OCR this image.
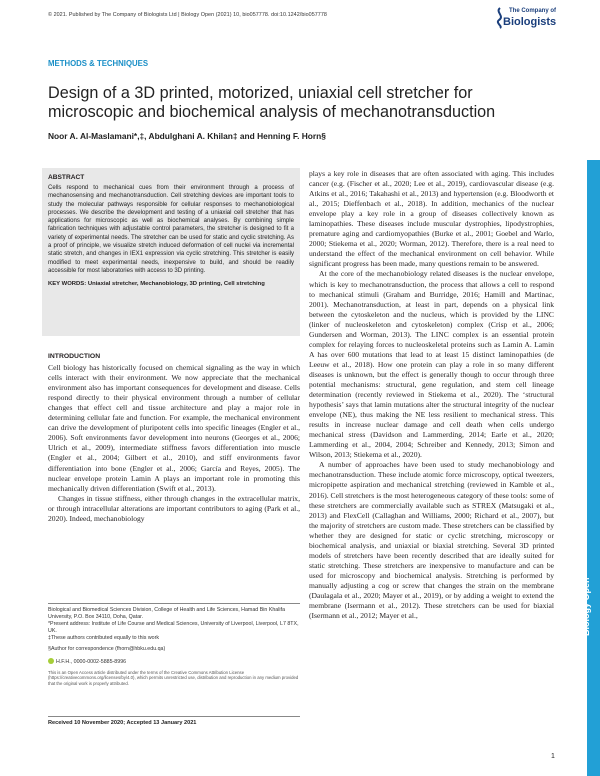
© 2021. Published by The Company of Biologists Ltd | Biology Open (2021) 10, bio057778. doi:10.1242/bio057778
The Company of
Biologists
METHODS & TECHNIQUES
Design of a 3D printed, motorized, uniaxial cell stretcher for microscopic and biochemical analysis of mechanotransduction
Noor A. Al-Maslamani*,‡, Abdulghani A. Khilan‡ and Henning F. Horn§
ABSTRACT
Cells respond to mechanical cues from their environment through a process of mechanosensing and mechanotransduction. Cell stretching devices are important tools to study the molecular pathways responsible for cellular responses to mechanobiological processes. We describe the development and testing of a uniaxial cell stretcher that has applications for microscopic as well as biochemical analyses. By combining simple fabrication techniques with adjustable control parameters, the stretcher is designed to fit a variety of experimental needs. The stretcher can be used for static and cyclic stretching. As a proof of principle, we visualize stretch induced deformation of cell nuclei via incremental static stretch, and changes in IEX1 expression via cyclic stretching. This stretcher is easily modified to meet experimental needs, inexpensive to build, and should be readily accessible for most laboratories with access to 3D printing.
KEY WORDS: Uniaxial stretcher, Mechanobiology, 3D printing, Cell stretching
INTRODUCTION

Cell biology has historically focused on chemical signaling as the way in which cells interact with their environment. We now appreciate that the mechanical environment also has important consequences for development and disease. Cells respond directly to their physical environment through a number of cellular changes that effect cell and tissue architecture and play a major role in determining cellular fate and function. For example, the mechanical environment can drive the development of pluripotent cells into specific lineages (Engler et al., 2006). Soft environments favor development into neurons (Georges et al., 2006; Ulrich et al., 2009), intermediate stiffness favors differentiation into muscle (Engler et al., 2004; Gilbert et al., 2010), and stiff environments favor differentiation into bone (Engler et al., 2006; García and Reyes, 2005). The nuclear envelope protein Lamin A plays an important role in promoting this mechanically driven differentiation (Swift et al., 2013).

Changes in tissue stiffness, either through changes in the extracellular matrix, or through intracellular alterations are important contributors to aging (Park et al., 2020). Indeed, mechanobiology

plays a key role in diseases that are often associated with aging. This includes cancer (e.g. (Fischer et al., 2020; Lee et al., 2019), cardiovascular disease (e.g. Atkins et al., 2016; Takahashi et al., 2013) and hypertension (e.g. Bloodworth et al., 2015; Dieffenbach et al., 2018). In addition, mechanics of the nuclear envelope play a key role in a group of diseases collectively known as laminopathies. These diseases include muscular dystrophies, lipodystrophies, premature aging and cardiomyopathies (Burke et al., 2001; Goebel and Warlo, 2000; Stiekema et al., 2020; Worman, 2012). Therefore, there is a real need to understand the effect of the mechanical environment on cell behavior. While significant progress has been made, many questions remain to be answered.

At the core of the mechanobiology related diseases is the nuclear envelope, which is key to mechanotransduction, the process that allows a cell to respond to mechanical stimuli (Graham and Burridge, 2016; Hamill and Martinac, 2001). Mechanotransduction, at least in part, depends on a physical link between the cytoskeleton and the nucleus, which is provided by the LINC (linker of nucleoskeleton and cytoskeleton) complex (Crisp et al., 2006; Gundersen and Worman, 2013). The LINC complex is an essential protein complex for relaying forces to nucleoskeletal proteins such as Lamin A. Lamin A has over 600 mutations that lead to at least 15 distinct laminopathies (de Leeuw et al., 2018). How one protein can play a role in so many different diseases is unknown, but the effect is generally though to occur through three potential mechanisms: structural, gene regulation, and stem cell lineage determination (recently reviewed in Stiekema et al., 2020). The ‘structural hypothesis’ says that lamin mutations alter the structural integrity of the nuclear envelope (NE), thus making the NE less resilient to mechanical stress. This results in increase nuclear damage and cell death when cells undergo mechanical stress (Davidson and Lammerding, 2014; Earle et al., 2020; Lammerding et al., 2004, 2004; Schreiber and Kennedy, 2013; Simon and Wilson, 2013; Stiekema et al., 2020).

A number of approaches have been used to study mechanobiology and mechanotransduction. These include atomic force microscopy, optical tweezers, micropipette aspiration and mechanical stretching (reviewed in Kamble et al., 2016). Cell stretchers is the most heterogeneous category of these tools: some of these stretchers are commercially available such as STREX (Matsugaki et al., 2013) and FlexCell (Callaghan and Williams, 2000; Richard et al., 2007), but the majority of stretchers are custom made. These stretchers can be classified by whether they are designed for static or cyclic stretching, microscopy or biochemical analysis, and uniaxial or biaxial stretching. Several 3D printed models of stretchers have been recently described that are ideally suited for static stretching. These stretchers are inexpensive to manufacture and can be used for microscopy and biochemical analysis. Stretching is performed by manually adjusting a cog or screw that changes the strain on the membrane (Daulagala et al., 2020; Mayer et al., 2019), or by adding a weight to extend the membrane (Isermann et al., 2012). These stretchers can be used for biaxial (Isermann et al., 2012; Mayer et al.,

Biological and Biomedical Sciences Division, College of Health and Life Sciences, Hamad Bin Khalifa University, P.O. Box 34110, Doha, Qatar.
*Present address: Institute of Life Course and Medical Sciences, University of Liverpool, Liverpool, L7 8TX, UK.
‡These authors contributed equally to this work
§Author for correspondence (fhorn@hbku.edu.qa)
H.F.H., 0000-0002-5885-8996
This is an Open Access article distributed under the terms of the Creative Commons Attribution License (https://creativecommons.org/licenses/by/4.0), which permits unrestricted use, distribution and reproduction in any medium provided that the original work is properly attributed.
Received 10 November 2020; Accepted 13 January 2021
Biology Open
1
